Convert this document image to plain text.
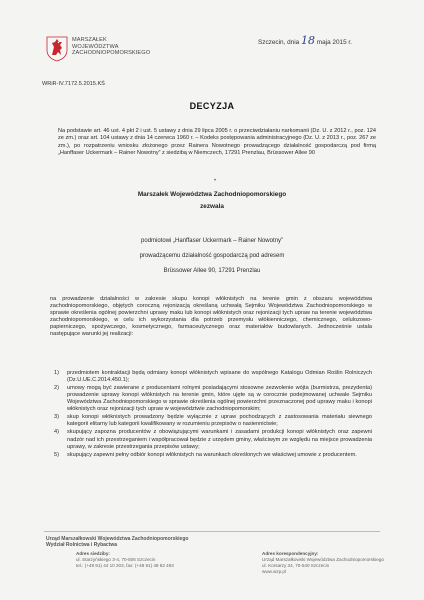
MARSZAŁEK
WOJEWÓDZTWA
ZACHODNIOPOMORSKIEGO
Szczecin, dnia 18 maja 2015 r.
WRiR-IV.7172.5.2015.KŚ
DECYZJA
Na podstawie art. 46 ust. 4 pkt 2 i ust. 5 ustawy z dnia 29 lipca 2005 r. o przeciwdziałaniu narkomanii (Dz. U. z 2012 r., poz. 124 ze zm.) oraz art. 104 ustawy z dnia 14 czerwca 1960 r. – Kodeks postępowania administracyjnego (Dz. U. z 2013 r., poz. 267 ze zm.), po rozpatrzeniu wniosku złożonego przez Rainera Nowotnego prowadzącego działalność gospodarczą pod firmą „Hanffaser Uckermark – Rainer Nowotny” z siedzibą w Niemczech, 17291 Prenzlau, Brüssower Allee 90
•
Marszałek Województwa Zachodniopomorskiego
zezwala
podmiotowi „Hanffaser Uckermark – Rainer Nowotny”
prowadzącemu działalność gospodarczą pod adresem
Brüssower Allee 90, 17291 Prenzlau
na prowadzenie działalności w zakresie skupu konopi włóknistych na terenie gmin z obszaru województwa zachodniopomorskiego, objętych coroczną rejonizacją określaną uchwałą Sejmiku Województwa Zachodniopomorskiego w sprawie określenia ogólnej powierzchni uprawy maku lub konopi włóknistych oraz rejonizacji tych upraw na terenie województwa zachodniopomorskiego, w celu ich wykorzystania dla potrzeb przemysłu włókienniczego, chemicznego, celulozowo-papierniczego, spożywczego, kosmetycznego, farmaceutycznego oraz materiałów budowlanych. Jednocześnie ustala następujące warunki jej realizacji:
1) przedmiotem kontraktacji będą odmiany konopi włóknistych wpisane do wspólnego Katalogu Odmian Roślin Rolniczych (Dz.U.UE.C.2014.450.1);
2) umowy mogą być zawierane z producentami rolnymi posiadającymi stosowne zezwolenie wójta (burmistrza, prezydenta) prowadzenie uprawy konopi włóknistych na terenie gmin, które ujęte są w corocznie podejmowanej uchwale Sejmiku Województwa Zachodniopomorskiego w sprawie określenia ogólnej powierzchni przeznaczonej pod uprawy maku i konopi włóknistych oraz rejonizacji tych upraw w województwie zachodniopomorskim;
3) skup konopi włóknistych prowadzony będzie wyłącznie z upraw pochodzących z zastosowania materiału siewnego kategorii elitarny lub kategorii kwalifikowany w rozumieniu przepisów o nasiennictwie;
4) skupujący zapozna producentów z obowiązującymi warunkami i zasadami produkcji konopi włóknistych oraz zapewni nadzór nad ich przestrzeganiem i współpracował będzie z urzędem gminy, właściwym ze względu na miejsce prowadzenia uprawy, w zakresie przestrzegania przepisów ustawy;
5) skupujący zapewni pełny odbiór konopi włóknistych na warunkach określonych we właściwej umowie z producentem.
Urząd Marszałkowski Województwa Zachodniopomorskiego
Wydział Rolnictwa i Rybactwa
Adres siedziby:
ul. Starzyńskiego 3-4, 70-506 Szczecin
tel.: (+48 91) 44 10 203, fax: (+48 91) 48 82 493
Adres korespondencyjny:
Urząd Marszałkowski Województwa Zachodniopomorskiego
ul. Korsarzy 34, 70-540 Szczecin
www.wzp.pl
